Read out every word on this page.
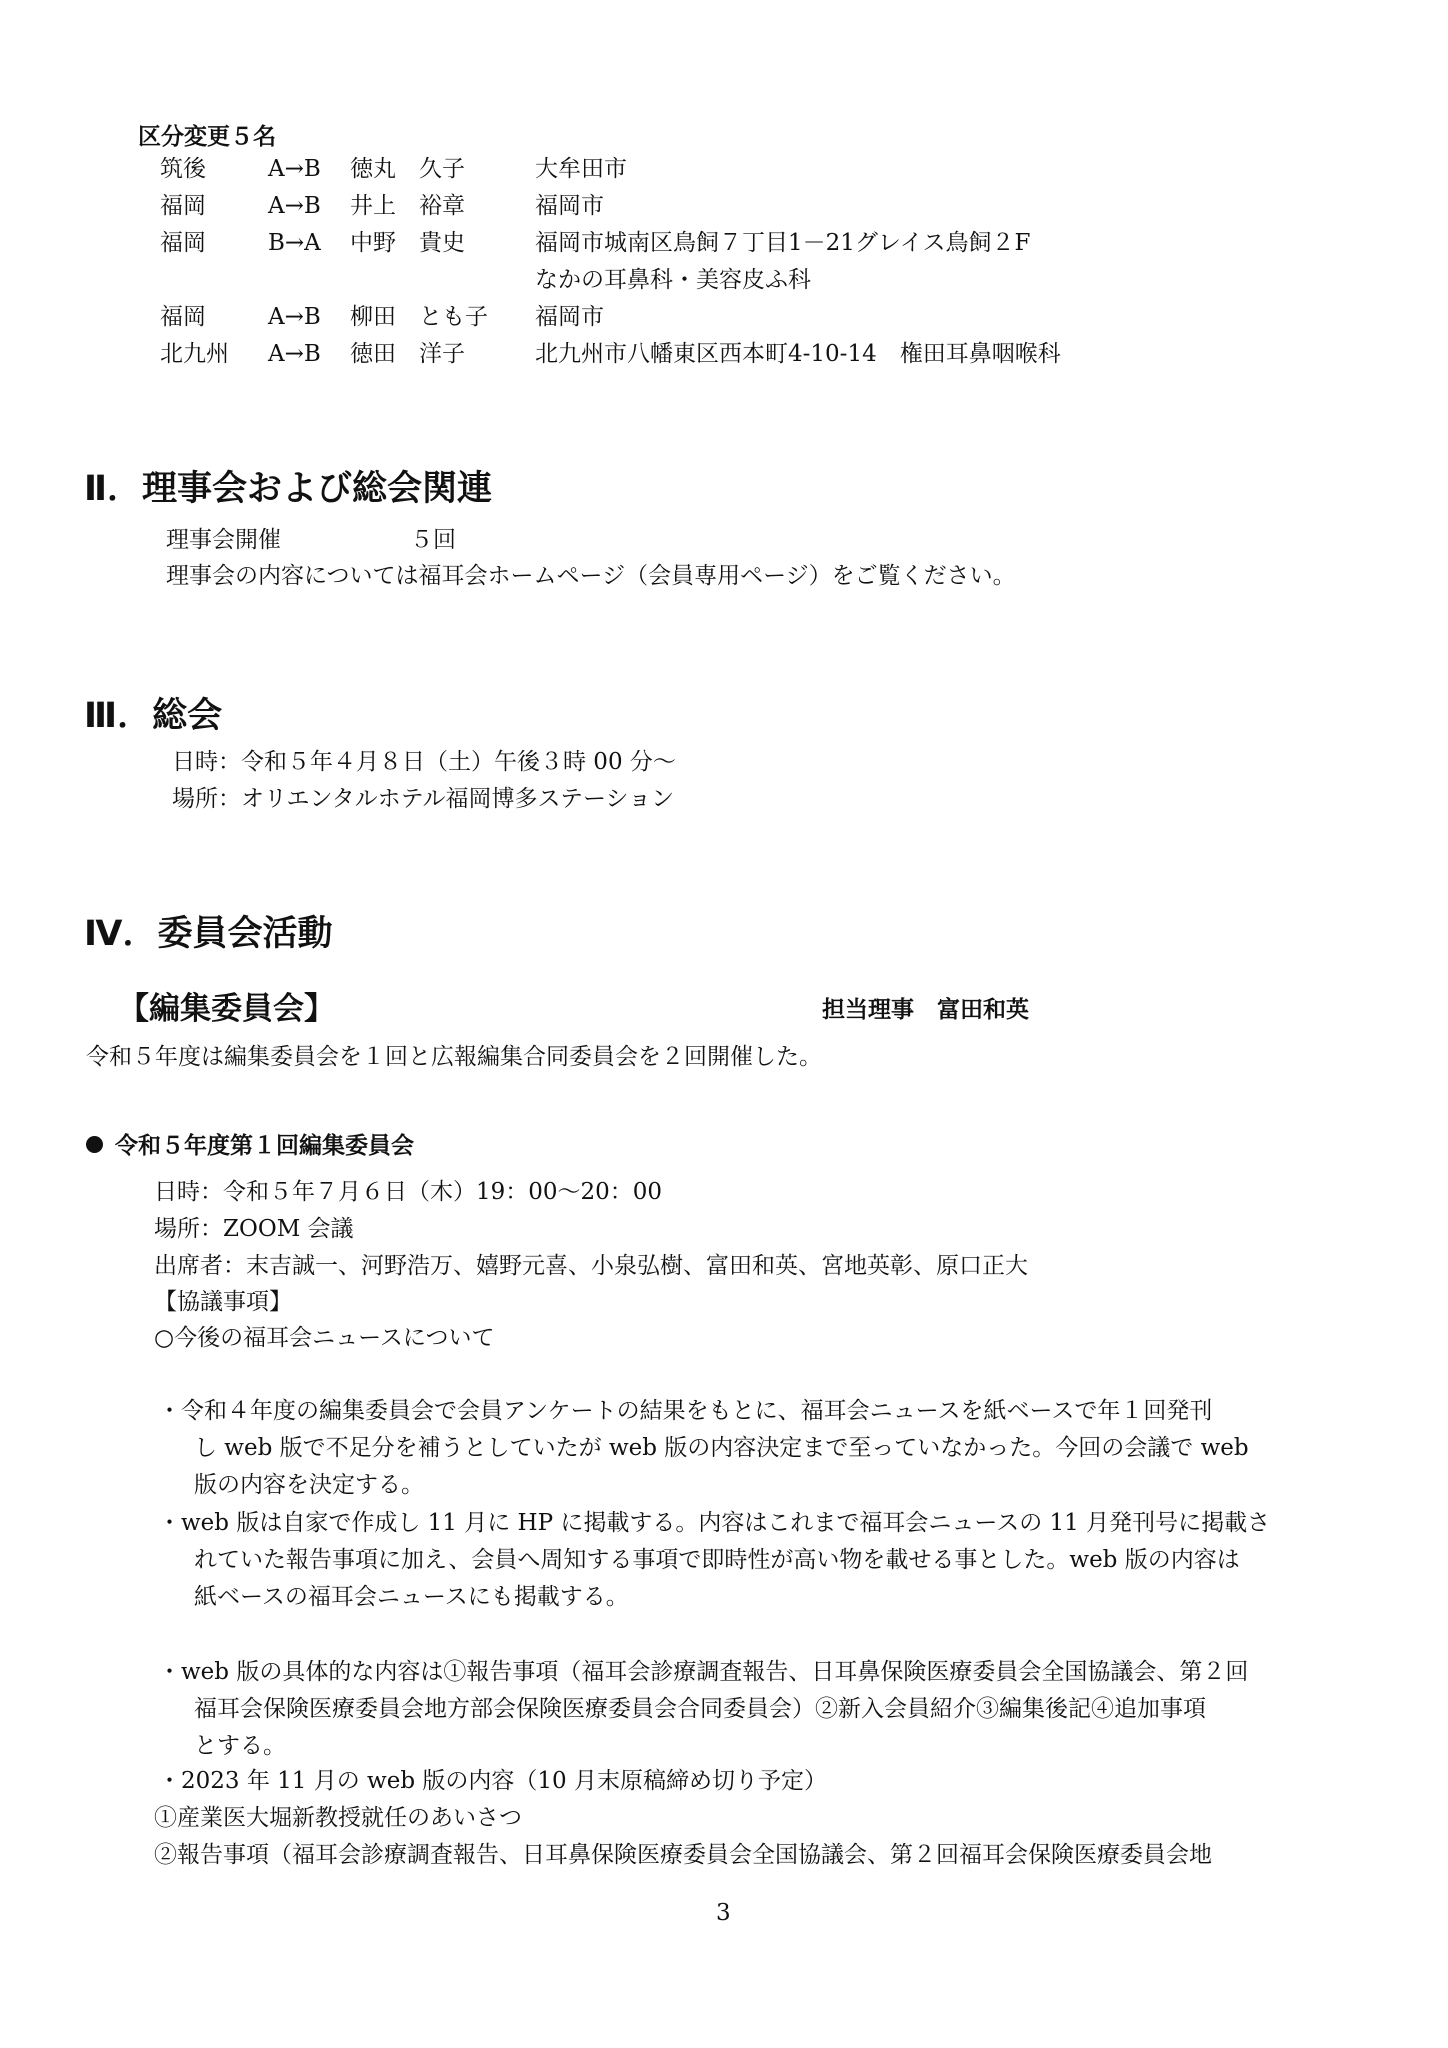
区分変更５名
筑後	A→B 徳丸　久子	大牟田市
福岡	A→B 井上　裕章	福岡市
福岡	B→A 中野　貴史	福岡市城南区鳥飼７丁目1－21グレイス鳥飼２F
なかの耳鼻科・美容皮ふ科
福岡	A→B 柳田　とも子 福岡市
北九州 A→B 徳田　洋子	北九州市八幡東区西本町4-10-14　権田耳鼻咽喉科
Ⅱ．理事会および総会関連
理事会開催	５回
理事会の内容については福耳会ホームページ（会員専用ページ）をご覧ください。
Ⅲ．総会
日時：令和５年４月８日（土）午後３時 00 分～
場所：オリエンタルホテル福岡博多ステーション
Ⅳ．委員会活動
【編集委員会】	担当理事　富田和英
令和５年度は編集委員会を１回と広報編集合同委員会を２回開催した。
令和５年度第１回編集委員会
日時：令和５年７月６日（木）19：00～20：00
場所：ZOOM 会議
出席者：末吉誠一、河野浩万、嬉野元喜、小泉弘樹、富田和英、宮地英彰、原口正大
【協議事項】
○今後の福耳会ニュースについて
・令和４年度の編集委員会で会員アンケートの結果をもとに、福耳会ニュースを紙ベースで年１回発刊
し web 版で不足分を補うとしていたが web 版の内容決定まで至っていなかった。今回の会議で web
版の内容を決定する。
・web 版は自家で作成し 11 月に HP に掲載する。内容はこれまで福耳会ニュースの 11 月発刊号に掲載さ
れていた報告事項に加え、会員へ周知する事項で即時性が高い物を載せる事とした。web 版の内容は
紙ベースの福耳会ニュースにも掲載する。
・web 版の具体的な内容は①報告事項（福耳会診療調査報告、日耳鼻保険医療委員会全国協議会、第２回
福耳会保険医療委員会地方部会保険医療委員会合同委員会）②新入会員紹介③編集後記④追加事項
とする。
・2023 年 11 月の web 版の内容（10 月末原稿締め切り予定）
①産業医大堀新教授就任のあいさつ
②報告事項（福耳会診療調査報告、日耳鼻保険医療委員会全国協議会、第２回福耳会保険医療委員会地
3
